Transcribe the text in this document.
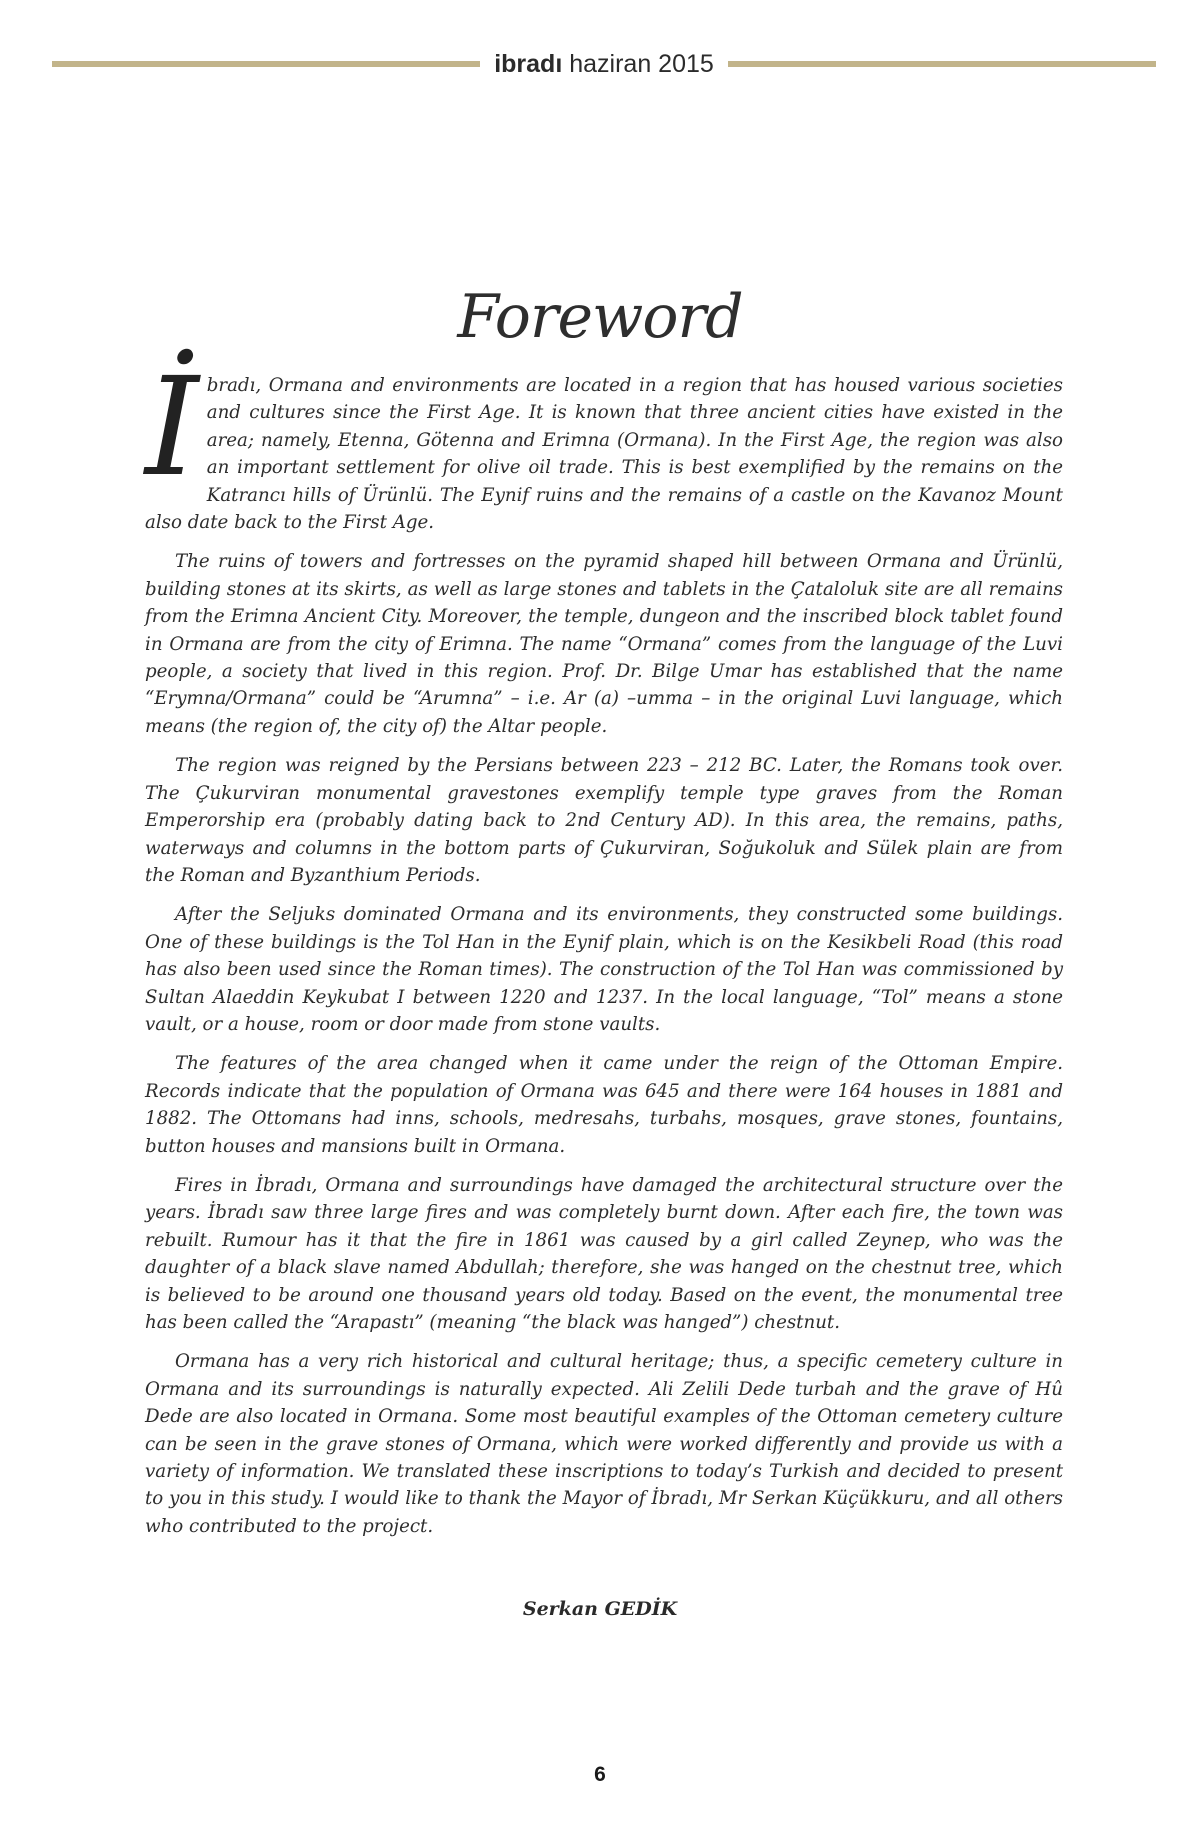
ibradı haziran 2015
Foreword

İbradı, Ormana and environments are located in a region that has housed various societies and cultures since the First Age. It is known that three ancient cities have existed in the area; namely, Etenna, Gӧtenna and Erimna (Ormana). In the First Age, the region was also an important settlement for olive oil trade. This is best exemplified by the remains on the Katrancı hills of Ürünlü. The Eynif ruins and the remains of a castle on the Kavanoz Mount also date back to the First Age.

The ruins of towers and fortresses on the pyramid shaped hill between Ormana and Ürünlü, building stones at its skirts, as well as large stones and tablets in the Çataloluk site are all remains from the Erimna Ancient City. Moreover, the temple, dungeon and the inscribed block tablet found in Ormana are from the city of Erimna. The name “Ormana” comes from the language of the Luvi people, a society that lived in this region. Prof. Dr. Bilge Umar has established that the name “Erymna/Ormana” could be “Arumna” – i.e. Ar (a) –umma – in the original Luvi language, which means (the region of, the city of) the Altar people.

The region was reigned by the Persians between 223 – 212 BC. Later, the Romans took over. The Çukurviran monumental gravestones exemplify temple type graves from the Roman Emperorship era (probably dating back to 2nd Century AD). In this area, the remains, paths, waterways and columns in the bottom parts of Çukurviran, Soğukoluk and Sülek plain are from the Roman and Byzanthium Periods.

After the Seljuks dominated Ormana and its environments, they constructed some buildings. One of these buildings is the Tol Han in the Eynif plain, which is on the Kesikbeli Road (this road has also been used since the Roman times). The construction of the Tol Han was commissioned by Sultan Alaeddin Keykubat I between 1220 and 1237. In the local language, “Tol” means a stone vault, or a house, room or door made from stone vaults.

The features of the area changed when it came under the reign of the Ottoman Empire. Records indicate that the population of Ormana was 645 and there were 164 houses in 1881 and 1882. The Ottomans had inns, schools, medresahs, turbahs, mosques, grave stones, fountains, button houses and mansions built in Ormana.

Fires in İbradı, Ormana and surroundings have damaged the architectural structure over the years. İbradı saw three large fires and was completely burnt down. After each fire, the town was rebuilt. Rumour has it that the fire in 1861 was caused by a girl called Zeynep, who was the daughter of a black slave named Abdullah; therefore, she was hanged on the chestnut tree, which is believed to be around one thousand years old today. Based on the event, the monumental tree has been called the “Arapastı” (meaning “the black was hanged”) chestnut.

Ormana has a very rich historical and cultural heritage; thus, a specific cemetery culture in Ormana and its surroundings is naturally expected. Ali Zelili Dede turbah and the grave of Hû Dede are also located in Ormana. Some most beautiful examples of the Ottoman cemetery culture can be seen in the grave stones of Ormana, which were worked differently and provide us with a variety of information. We translated these inscriptions to today’s Turkish and decided to present to you in this study. I would like to thank the Mayor of İbradı, Mr Serkan Küçükkuru, and all others who contributed to the project.

Serkan GEDİK
6
